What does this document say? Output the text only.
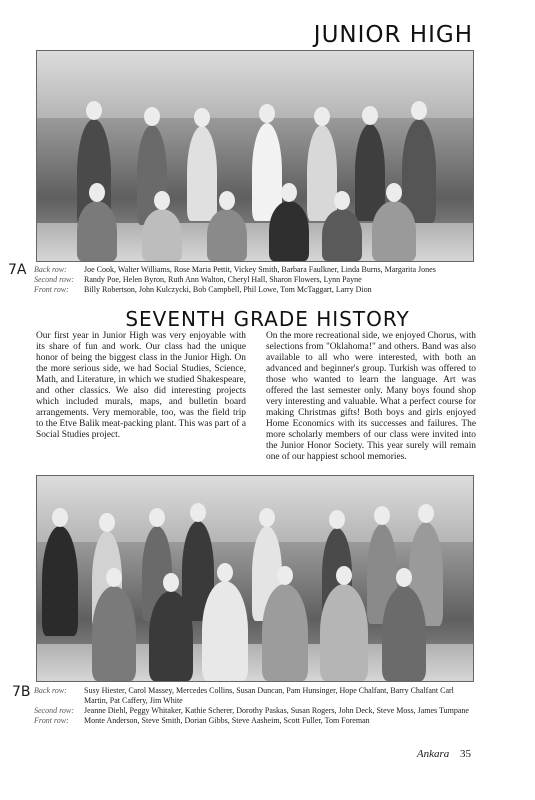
JUNIOR HIGH
7A Back row:	Joe Cook, Walter Williams, Rose Maria Pettit, Vickey Smith, Barbara Faulkner, Linda Burns, Margarita Jones
Second row:	Randy Poe, Helen Byron, Ruth Ann Walton, Cheryl Hall, Sharon Flowers, Lynn Payne
Front row:	Billy Robertson, John Kulczycki, Bob Campbell, Phil Lowe, Tom McTaggart, Larry Dion
SEVENTH GRADE HISTORY

Our first year in Junior High was very enjoyable with its share of fun and work. Our class had the unique honor of being the biggest class in the Junior High. On the more serious side, we had Social Studies, Science, Math, and Literature, in which we studied Shakespeare, and other classics. We also did interesting projects which included murals, maps, and bulletin board arrangements. Very memorable, too, was the field trip to the Etve Balik meat-packing plant. This was part of a Social Studies project.

On the more recreational side, we enjoyed Chorus, with selections from "Oklahoma!" and others. Band was also available to all who were interested, with both an advanced and beginner's group. Turkish was offered to those who wanted to learn the language. Art was offered the last semester only. Many boys found shop very interesting and valuable. What a perfect course for making Christmas gifts! Both boys and girls enjoyed Home Economics with its successes and failures. The more scholarly members of our class were invited into the Junior Honor Society. This year surely will remain one of our happiest school memories.

7B Back row:	Susy Hiester, Carol Massey, Mercedes Collins, Susan Duncan, Pam Hunsinger, Hope Chalfant, Barry Chalfant Carl Martin, Pat Caffery, Jim White
Second row:	Jeanne Diehl, Peggy Whitaker, Kathie Scherer, Dorothy Paskas, Susan Rogers, John Deck, Steve Moss, James Tumpane
Front row:	Monte Anderson, Steve Smith, Dorian Gibbs, Steve Aasheim, Scott Fuller, Tom Foreman
Ankara 35
